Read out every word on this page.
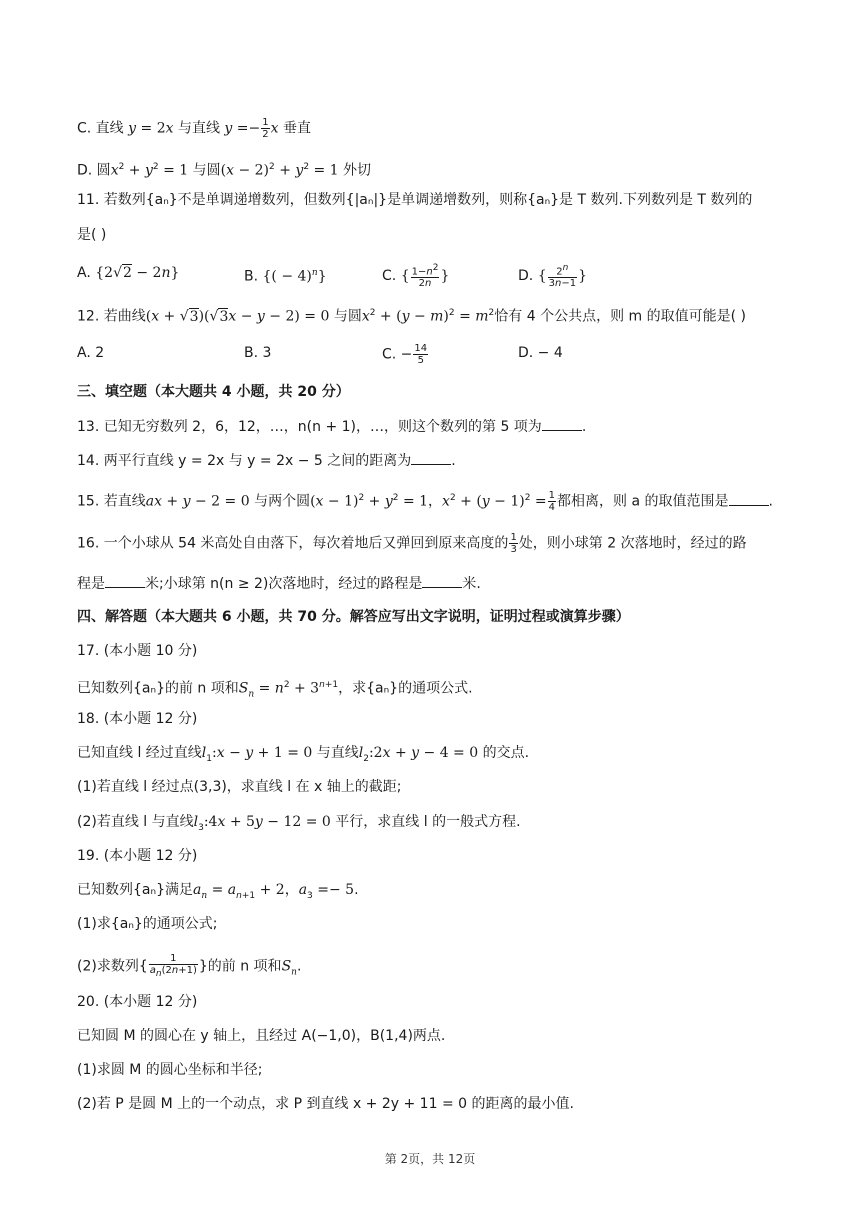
C. 直线 y = 2x 与直线 $y =- \frac{1}{2}$ x 垂直
D. 圆$x^2 + y^2 = 1$ 与圆$(x - 2)^2 + y^2 = 1$ 外切
11. 若数列{aₙ}不是单调递增数列，但数列{|aₙ|}是单调递增数列，则称{aₙ}是 T 数列.下列数列是 T 数列的
是( )
A. {2√2 − 2n}	B. {( − 4)$^n$}	C. { $\frac{1-n^2}{2n}$ }	D. { $\frac{2^n}{3n-1}$ }
12. 若曲线(x + √3)(√3x − y − 2) = 0 与圆$x^2 + (y - m)^2 = m^2$恰有 4 个公共点，则 m 的取值可能是( )
A. 2	B. 3	C. − $\frac{14}{5}$	D. − 4
三、填空题（本大题共 4 小题，共 20 分）
13. 已知无穷数列 2，6，12，…，n(n + 1)，…，则这个数列的第 5 项为	.
14. 两平行直线 y = 2x 与 y = 2x − 5 之间的距离为	.
15. 若直线ax + y − 2 = 0 与两个圆$(x - 1)^2 + y^2 = 1$，$x^2 + (y - 1)^2 = \frac{1}{4}$ 都相离，则 a 的取值范围是	.
16. 一个小球从 54 米高处自由落下，每次着地后又弹回到原来高度的 $\frac{1}{3}$ 处，则小球第 2 次落地时，经过的路
程是	米;小球第 n(n ≥ 2)次落地时，经过的路程是	米.
四、解答题（本大题共 6 小题，共 70 分。解答应写出文字说明，证明过程或演算步骤）
17. (本小题 10 分)
已知数列{aₙ}的前 n 项和$S_n = n^2 + 3^{n+1}$，求{aₙ}的通项公式.
18. (本小题 12 分)
已知直线 l 经过直线$l_1:x - y + 1 = 0$ 与直线$l_2:2x + y - 4 = 0$ 的交点.
(1)若直线 l 经过点(3,3)，求直线 l 在 x 轴上的截距;
(2)若直线 l 与直线$l_3:4x + 5y - 12 = 0$ 平行，求直线 l 的一般式方程.
19. (本小题 12 分)
已知数列{aₙ}满足$a_n = a_{n+1} + 2$，$a_3 =- 5$.
(1)求{aₙ}的通项公式;
(2)求数列{ $\frac{1}{a_n(2n+1)}$ }的前 n 项和$S_n$.
20. (本小题 12 分)
已知圆 M 的圆心在 y 轴上，且经过 A(−1,0)，B(1,4)两点.
(1)求圆 M 的圆心坐标和半径;
(2)若 P 是圆 M 上的一个动点，求 P 到直线 x + 2y + 11 = 0 的距离的最小值.
第 2页，共 12页
